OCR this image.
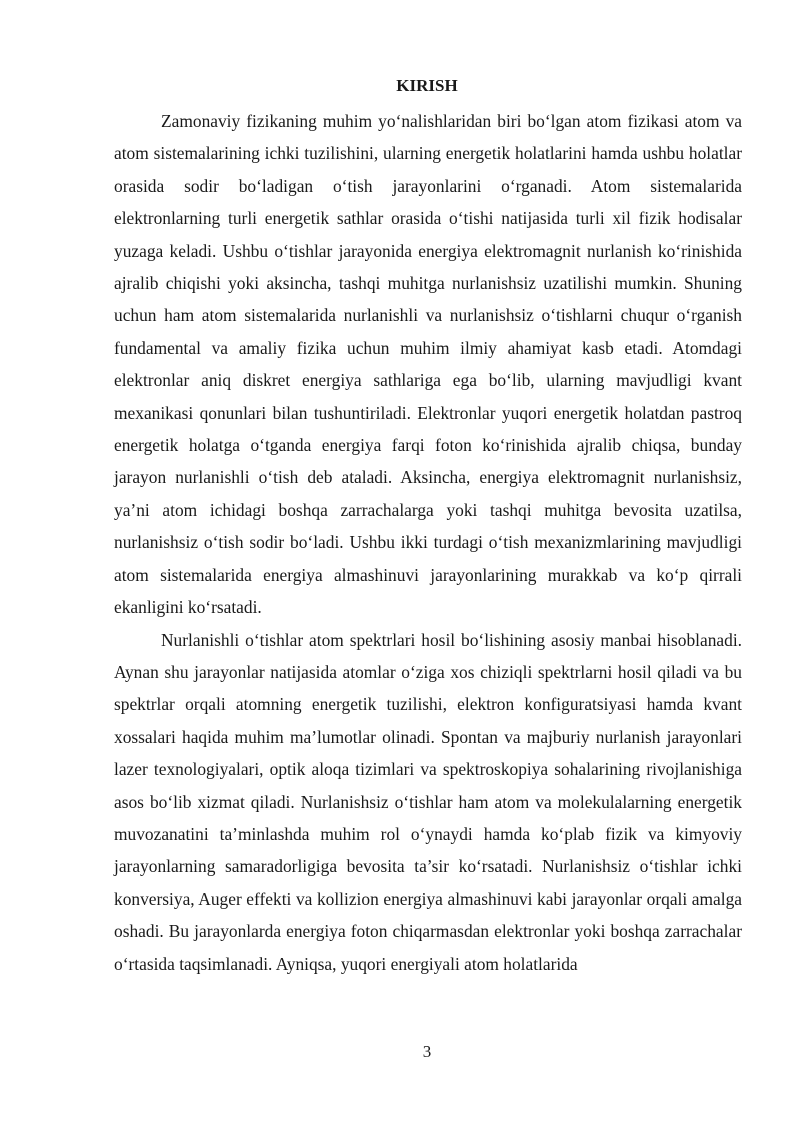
KIRISH

Zamonaviy fizikaning muhim yo‘nalishlaridan biri bo‘lgan atom fizikasi atom va atom sistemalarining ichki tuzilishini, ularning energetik holatlarini hamda ushbu holatlar orasida sodir bo‘ladigan o‘tish jarayonlarini o‘rganadi. Atom sistemalarida elektronlarning turli energetik sathlar orasida o‘tishi natijasida turli xil fizik hodisalar yuzaga keladi. Ushbu o‘tishlar jarayonida energiya elektromagnit nurlanish ko‘rinishida ajralib chiqishi yoki aksincha, tashqi muhitga nurlanishsiz uzatilishi mumkin. Shuning uchun ham atom sistemalarida nurlanishli va nurlanishsiz o‘tishlarni chuqur o‘rganish fundamental va amaliy fizika uchun muhim ilmiy ahamiyat kasb etadi. Atomdagi elektronlar aniq diskret energiya sathlariga ega bo‘lib, ularning mavjudligi kvant mexanikasi qonunlari bilan tushuntiriladi. Elektronlar yuqori energetik holatdan pastroq energetik holatga o‘tganda energiya farqi foton ko‘rinishida ajralib chiqsa, bunday jarayon nurlanishli o‘tish deb ataladi. Aksincha, energiya elektromagnit nurlanishsiz, ya’ni atom ichidagi boshqa zarrachalarga yoki tashqi muhitga bevosita uzatilsa, nurlanishsiz o‘tish sodir bo‘ladi. Ushbu ikki turdagi o‘tish mexanizmlarining mavjudligi atom sistemalarida energiya almashinuvi jarayonlarining murakkab va ko‘p qirrali ekanligini ko‘rsatadi.

Nurlanishli o‘tishlar atom spektrlari hosil bo‘lishining asosiy manbai hisoblanadi. Aynan shu jarayonlar natijasida atomlar o‘ziga xos chiziqli spektrlarni hosil qiladi va bu spektrlar orqali atomning energetik tuzilishi, elektron konfiguratsiyasi hamda kvant xossalari haqida muhim ma’lumotlar olinadi. Spontan va majburiy nurlanish jarayonlari lazer texnologiyalari, optik aloqa tizimlari va spektroskopiya sohalarining rivojlanishiga asos bo‘lib xizmat qiladi. Nurlanishsiz o‘tishlar ham atom va molekulalarning energetik muvozanatini ta’minlashda muhim rol o‘ynaydi hamda ko‘plab fizik va kimyoviy jarayonlarning samaradorligiga bevosita ta’sir ko‘rsatadi. Nurlanishsiz o‘tishlar ichki konversiya, Auger effekti va kollizion energiya almashinuvi kabi jarayonlar orqali amalga oshadi. Bu jarayonlarda energiya foton chiqarmasdan elektronlar yoki boshqa zarrachalar o‘rtasida taqsimlanadi. Ayniqsa, yuqori energiyali atom holatlarida

3
